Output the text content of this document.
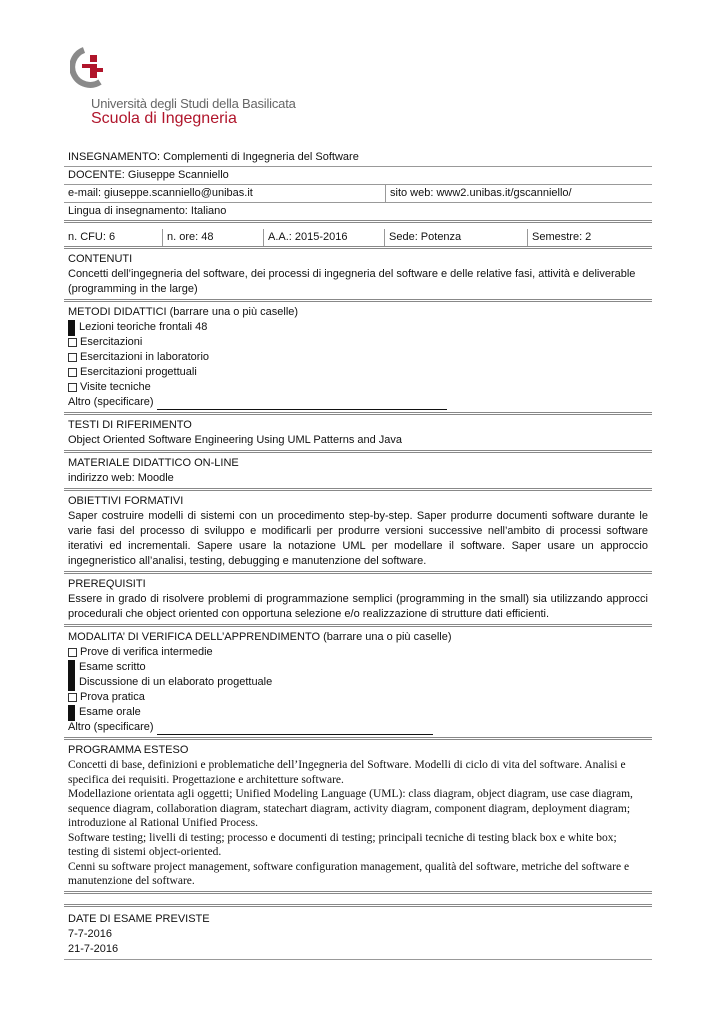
Università degli Studi della Basilicata
Scuola di Ingegneria
INSEGNAMENTO: Complementi di Ingegneria del Software
DOCENTE: Giuseppe Scanniello
e-mail: giuseppe.scanniello@unibas.it	sito web: www2.unibas.it/gscanniello/
Lingua di insegnamento: Italiano
n. CFU: 6	n. ore: 48	A.A.: 2015-2016	Sede: Potenza	Semestre: 2
CONTENUTI
Concetti dell’ingegneria del software, dei processi di ingegneria del software e delle relative fasi, attività e deliverable (programming in the large)
METODI DIDATTICI (barrare una o più caselle)
Lezioni teoriche frontali 48
Esercitazioni
Esercitazioni in laboratorio
Esercitazioni progettuali
Visite tecniche
Altro (specificare)
TESTI DI RIFERIMENTO
Object Oriented Software Engineering Using UML Patterns and Java
MATERIALE DIDATTICO ON-LINE
indirizzo web: Moodle
OBIETTIVI FORMATIVI
Saper costruire modelli di sistemi con un procedimento step-by-step. Saper produrre documenti software durante le varie fasi del processo di sviluppo e modificarli per produrre versioni successive nell’ambito di processi software iterativi ed incrementali. Sapere usare la notazione UML per modellare il software. Saper usare un approccio ingegneristico all’analisi, testing, debugging e manutenzione del software.
PREREQUISITI
Essere in grado di risolvere problemi di programmazione semplici (programming in the small) sia utilizzando approcci procedurali che object oriented con opportuna selezione e/o realizzazione di strutture dati efficienti.
MODALITA’ DI VERIFICA DELL’APPRENDIMENTO (barrare una o più caselle)
Prove di verifica intermedie
Esame scritto
Discussione di un elaborato progettuale
Prova pratica
Esame orale
Altro (specificare)
PROGRAMMA ESTESO
Concetti di base, definizioni e problematiche dell’Ingegneria del Software. Modelli di ciclo di vita del software. Analisi e specifica dei requisiti. Progettazione e architetture software.
Modellazione orientata agli oggetti; Unified Modeling Language (UML): class diagram, object diagram, use case diagram, sequence diagram, collaboration diagram, statechart diagram, activity diagram, component diagram, deployment diagram; introduzione al Rational Unified Process.
Software testing; livelli di testing; processo e documenti di testing; principali tecniche di testing black box e white box; testing di sistemi object-oriented.
Cenni su software project management, software configuration management, qualità del software, metriche del software e manutenzione del software.
DATE DI ESAME PREVISTE
7-7-2016
21-7-2016
